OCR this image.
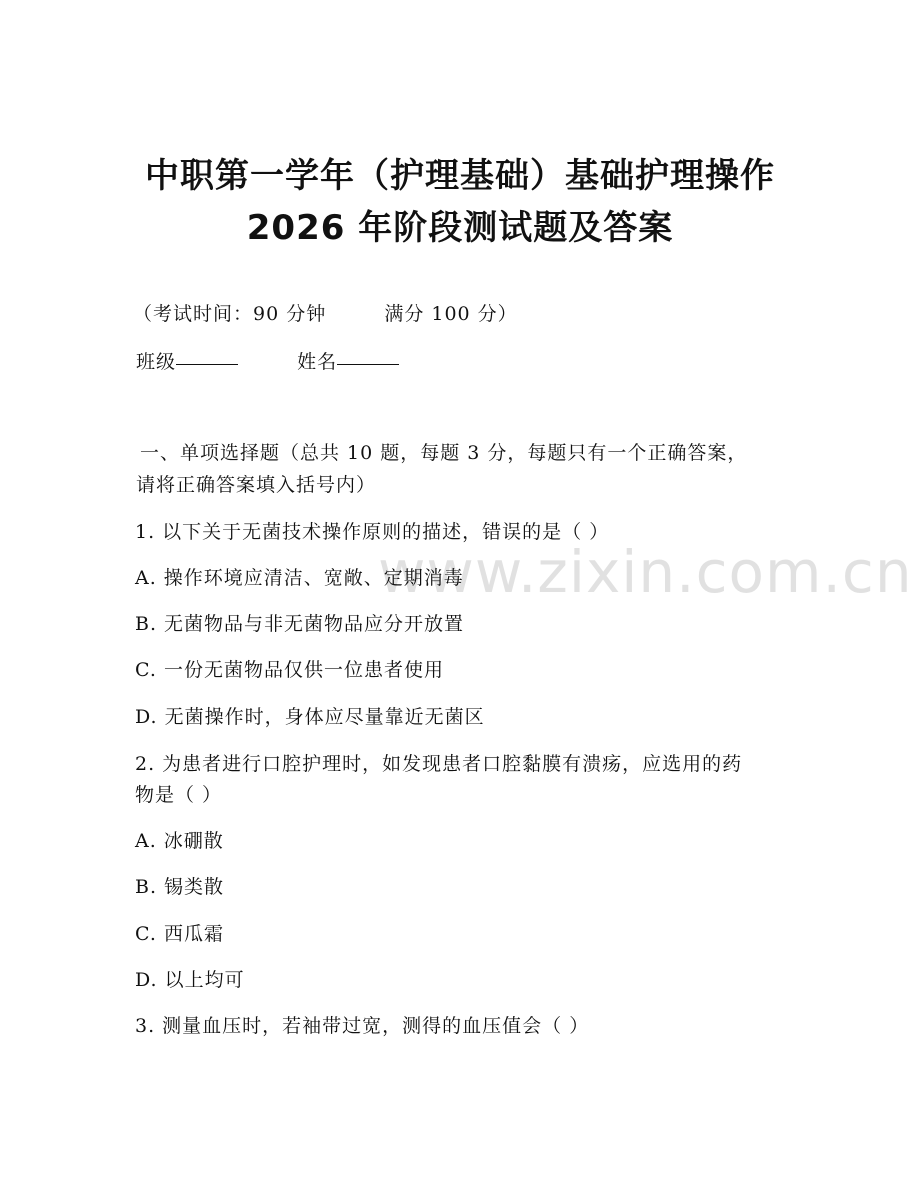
www.zixin.com.cn
中职第一学年（护理基础）基础护理操作
2026 年阶段测试题及答案
（考试时间：90 分钟	满分 100 分）
班级	姓名
一、单项选择题（总共 10 题，每题 3 分，每题只有一个正确答案，
请将正确答案填入括号内）
1. 以下关于无菌技术操作原则的描述，错误的是（ ）
A. 操作环境应清洁、宽敞、定期消毒
B. 无菌物品与非无菌物品应分开放置
C. 一份无菌物品仅供一位患者使用
D. 无菌操作时，身体应尽量靠近无菌区
2. 为患者进行口腔护理时，如发现患者口腔黏膜有溃疡，应选用的药
物是（ ）
A. 冰硼散
B. 锡类散
C. 西瓜霜
D. 以上均可
3. 测量血压时，若袖带过宽，测得的血压值会（ ）
